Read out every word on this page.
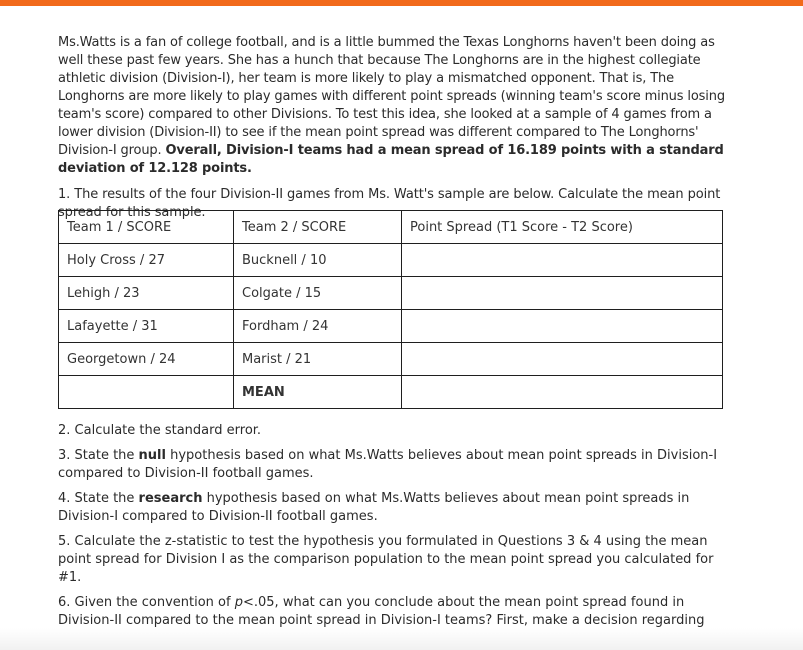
Ms.Watts is a fan of college football, and is a little bummed the Texas Longhorns haven't been doing as well these past few years. She has a hunch that because The Longhorns are in the highest collegiate athletic division (Division-I), her team is more likely to play a mismatched opponent. That is, The Longhorns are more likely to play games with different point spreads (winning team's score minus losing team's score) compared to other Divisions. To test this idea, she looked at a sample of 4 games from a lower division (Division-II) to see if the mean point spread was different compared to The Longhorns' Division-I group. Overall, Division-I teams had a mean spread of 16.189 points with a standard deviation of 12.128 points.

1. The results of the four Division-II games from Ms. Watt's sample are below. Calculate the mean point spread for this sample.

Team 1 / SCORE	Team 2 / SCORE	Point Spread (T1 Score - T2 Score)
Holy Cross / 27	Bucknell / 10	
Lehigh / 23	Colgate / 15	
Lafayette / 31	Fordham / 24	
Georgetown / 24	Marist / 21	
	MEAN	

2. Calculate the standard error.

3. State the null hypothesis based on what Ms.Watts believes about mean point spreads in Division-I compared to Division-II football games.

4. State the research hypothesis based on what Ms.Watts believes about mean point spreads in Division-I compared to Division-II football games.

5. Calculate the z-statistic to test the hypothesis you formulated in Questions 3 & 4 using the mean point spread for Division I as the comparison population to the mean point spread you calculated for #1.

6. Given the convention of p<.05, what can you conclude about the mean point spread found in Division-II compared to the mean point spread in Division-I teams? First, make a decision regarding
